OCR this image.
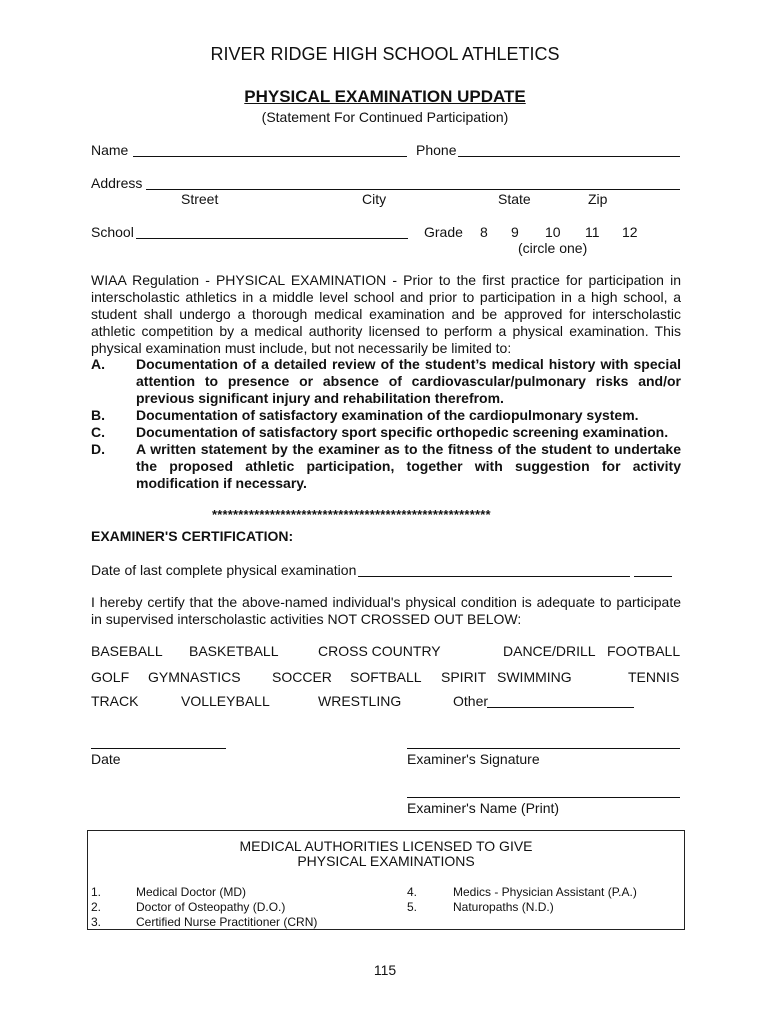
RIVER RIDGE HIGH SCHOOL ATHLETICS
PHYSICAL EXAMINATION UPDATE
(Statement For Continued Participation)
Name	Phone
Address
Street	City	State	Zip
School	Grade 8 9 10 11 12
(circle one)
WIAA Regulation - PHYSICAL EXAMINATION - Prior to the first practice for participation in interscholastic athletics in a middle level school and prior to participation in a high school, a student shall undergo a thorough medical examination and be approved for interscholastic athletic competition by a medical authority licensed to perform a physical examination. This physical examination must include, but not necessarily be limited to:
A. Documentation of a detailed review of the student’s medical history with special attention to presence or absence of cardiovascular/pulmonary risks and/or previous significant injury and rehabilitation therefrom.
B. Documentation of satisfactory examination of the cardiopulmonary system.
C. Documentation of satisfactory sport specific orthopedic screening examination.
D. A written statement by the examiner as to the fitness of the student to undertake the proposed athletic participation, together with suggestion for activity modification if necessary.
*****************************************************
EXAMINER'S CERTIFICATION:
Date of last complete physical examination
I hereby certify that the above-named individual's physical condition is adequate to participate in supervised interscholastic activities NOT CROSSED OUT BELOW:
BASEBALL BASKETBALL	CROSS COUNTRY	DANCE/DRILL FOOTBALL
GOLF GYMNASTICS SOCCER SOFTBALL SPIRIT SWIMMING	TENNIS
TRACK	VOLLEYBALL	WRESTLING	Other
Date	Examiner's Signature
Examiner's Name (Print)
MEDICAL AUTHORITIES LICENSED TO GIVE
PHYSICAL EXAMINATIONS
1.	Medical Doctor (MD)
2.	Doctor of Osteopathy (D.O.)
3.	Certified Nurse Practitioner (CRN)
4.	Medics - Physician Assistant (P.A.)
5.	Naturopaths (N.D.)
115
